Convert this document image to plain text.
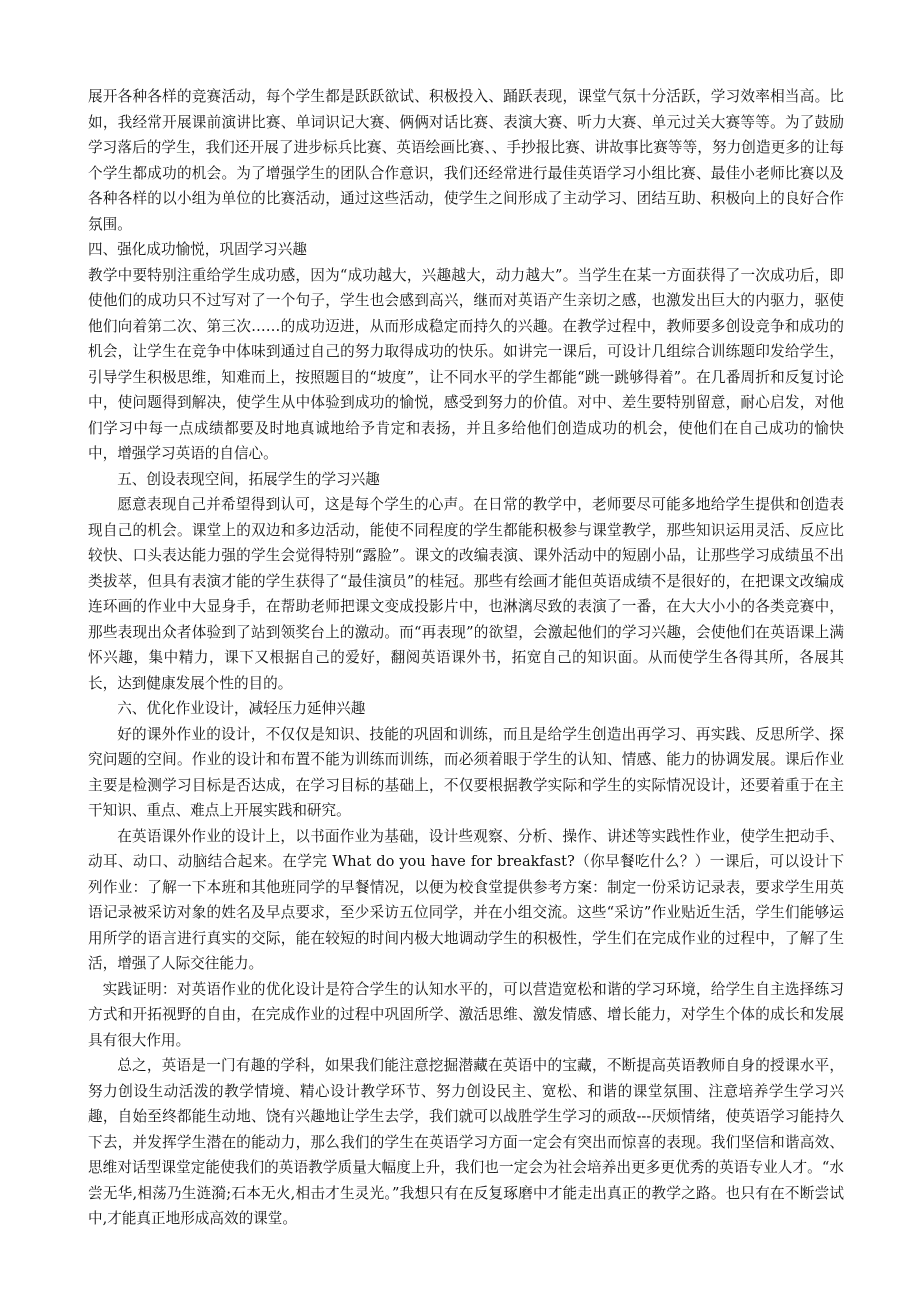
展开各种各样的竞赛活动，每个学生都是跃跃欲试、积极投入、踊跃表现，课堂气氛十分活跃，学习效率相当高。比如，我经常开展课前演讲比赛、单词识记大赛、俩俩对话比赛、表演大赛、听力大赛、单元过关大赛等等。为了鼓励学习落后的学生，我们还开展了进步标兵比赛、英语绘画比赛、、手抄报比赛、讲故事比赛等等，努力创造更多的让每个学生都成功的机会。为了增强学生的团队合作意识，我们还经常进行最佳英语学习小组比赛、最佳小老师比赛以及各种各样的以小组为单位的比赛活动，通过这些活动，使学生之间形成了主动学习、团结互助、积极向上的良好合作氛围。

四、强化成功愉悦，巩固学习兴趣

教学中要特别注重给学生成功感，因为“成功越大，兴趣越大，动力越大”。当学生在某一方面获得了一次成功后，即使他们的成功只不过写对了一个句子，学生也会感到高兴，继而对英语产生亲切之感，也激发出巨大的内驱力，驱使他们向着第二次、第三次……的成功迈进，从而形成稳定而持久的兴趣。在教学过程中，教师要多创设竞争和成功的机会，让学生在竞争中体味到通过自己的努力取得成功的快乐。如讲完一课后，可设计几组综合训练题印发给学生，引导学生积极思维，知难而上，按照题目的“坡度”，让不同水平的学生都能“跳一跳够得着”。在几番周折和反复讨论中，使问题得到解决，使学生从中体验到成功的愉悦，感受到努力的价值。对中、差生要特别留意，耐心启发，对他们学习中每一点成绩都要及时地真诚地给予肯定和表扬，并且多给他们创造成功的机会，使他们在自己成功的愉快中，增强学习英语的自信心。

五、创设表现空间，拓展学生的学习兴趣

愿意表现自己并希望得到认可，这是每个学生的心声。在日常的教学中，老师要尽可能多地给学生提供和创造表现自己的机会。课堂上的双边和多边活动，能使不同程度的学生都能积极参与课堂教学，那些知识运用灵活、反应比较快、口头表达能力强的学生会觉得特别“露脸”。课文的改编表演、课外活动中的短剧小品，让那些学习成绩虽不出类拔萃，但具有表演才能的学生获得了“最佳演员”的桂冠。那些有绘画才能但英语成绩不是很好的，在把课文改编成连环画的作业中大显身手，在帮助老师把课文变成投影片中，也淋漓尽致的表演了一番，在大大小小的各类竞赛中，那些表现出众者体验到了站到领奖台上的激动。而“再表现”的欲望，会激起他们的学习兴趣，会使他们在英语课上满怀兴趣，集中精力，课下又根据自己的爱好，翻阅英语课外书，拓宽自己的知识面。从而使学生各得其所，各展其长，达到健康发展个性的目的。

六、优化作业设计，减轻压力延伸兴趣

好的课外作业的设计，不仅仅是知识、技能的巩固和训练，而且是给学生创造出再学习、再实践、反思所学、探究问题的空间。作业的设计和布置不能为训练而训练，而必须着眼于学生的认知、情感、能力的协调发展。课后作业主要是检测学习目标是否达成，在学习目标的基础上，不仅要根据教学实际和学生的实际情况设计，还要着重于在主干知识、重点、难点上开展实践和研究。

在英语课外作业的设计上，以书面作业为基础，设计些观察、分析、操作、讲述等实践性作业，使学生把动手、动耳、动口、动脑结合起来。在学完 What do you have for breakfast?（你早餐吃什么？）一课后，可以设计下列作业：了解一下本班和其他班同学的早餐情况，以便为校食堂提供参考方案：制定一份采访记录表，要求学生用英语记录被采访对象的姓名及早点要求，至少采访五位同学，并在小组交流。这些“采访”作业贴近生活，学生们能够运用所学的语言进行真实的交际，能在较短的时间内极大地调动学生的积极性，学生们在完成作业的过程中，了解了生活，增强了人际交往能力。

实践证明：对英语作业的优化设计是符合学生的认知水平的，可以营造宽松和谐的学习环境，给学生自主选择练习方式和开拓视野的自由，在完成作业的过程中巩固所学、激活思维、激发情感、增长能力，对学生个体的成长和发展具有很大作用。

总之，英语是一门有趣的学科，如果我们能注意挖掘潜藏在英语中的宝藏，不断提高英语教师自身的授课水平，努力创设生动活泼的教学情境、精心设计教学环节、努力创设民主、宽松、和谐的课堂氛围、注意培养学生学习兴趣，自始至终都能生动地、饶有兴趣地让学生去学，我们就可以战胜学生学习的顽敌---厌烦情绪，使英语学习能持久下去，并发挥学生潜在的能动力，那么我们的学生在英语学习方面一定会有突出而惊喜的表现。我们坚信和谐高效、思维对话型课堂定能使我们的英语教学质量大幅度上升，我们也一定会为社会培养出更多更优秀的英语专业人才。“水尝无华,相荡乃生涟漪;石本无火,相击才生灵光。”我想只有在反复琢磨中才能走出真正的教学之路。也只有在不断尝试中,才能真正地形成高效的课堂。
